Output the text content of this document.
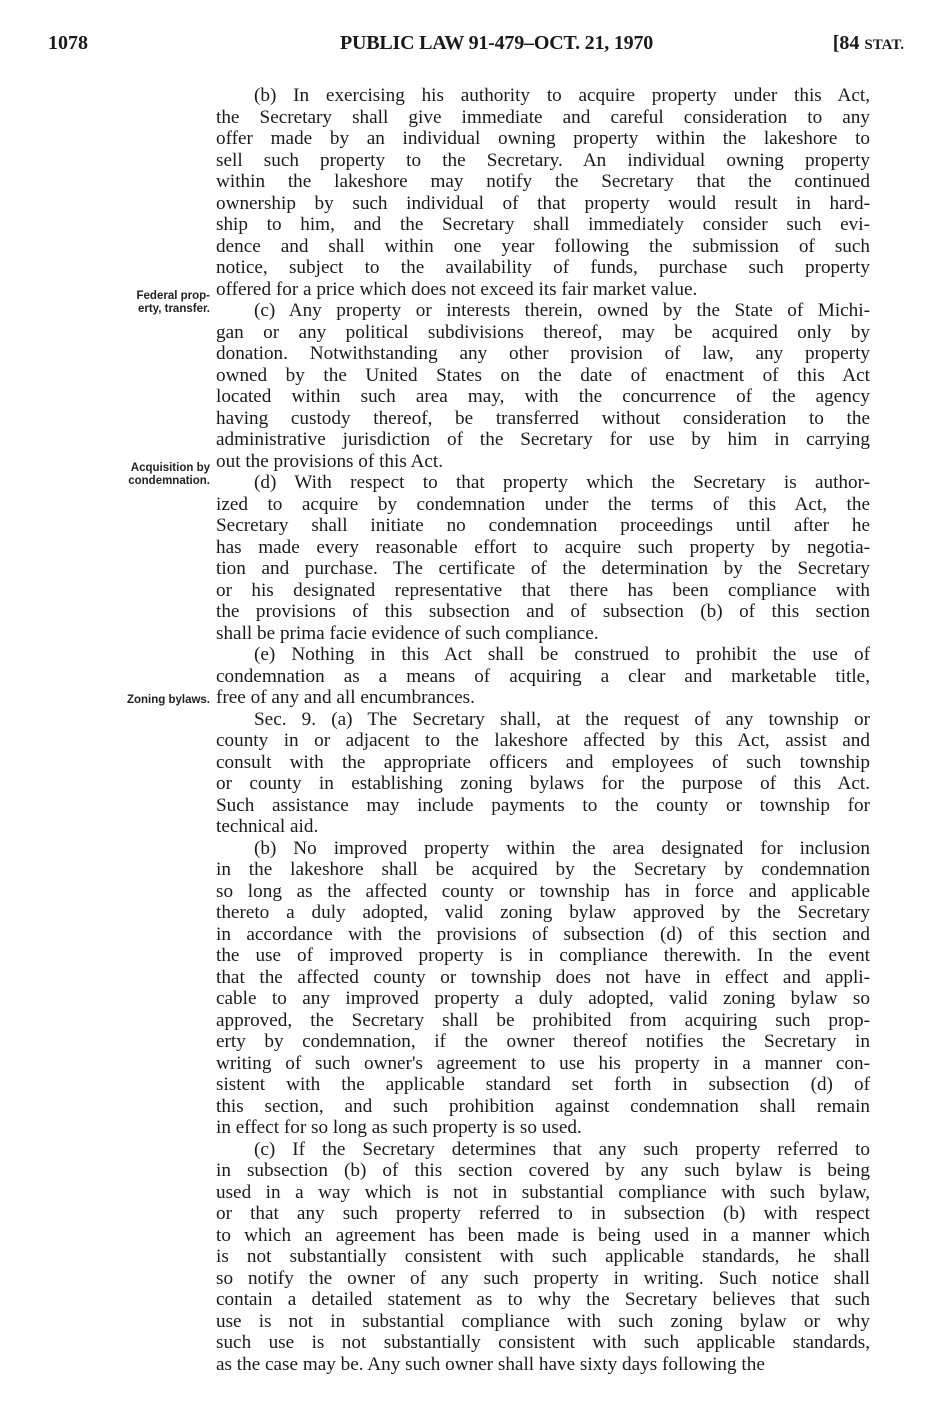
1078	PUBLIC LAW 91-479–OCT. 21, 1970	[84 STAT.
Federal prop-
erty, transfer.
Acquisition by
condemnation.
Zoning bylaws.
(b) In exercising his authority to acquire property under this Act,
the Secretary shall give immediate and careful consideration to any
offer made by an individual owning property within the lakeshore to
sell such property to the Secretary. An individual owning property
within the lakeshore may notify the Secretary that the continued
ownership by such individual of that property would result in hard-
ship to him, and the Secretary shall immediately consider such evi-
dence and shall within one year following the submission of such
notice, subject to the availability of funds, purchase such property
offered for a price which does not exceed its fair market value.
(c) Any property or interests therein, owned by the State of Michi-
gan or any political subdivisions thereof, may be acquired only by
donation. Notwithstanding any other provision of law, any property
owned by the United States on the date of enactment of this Act
located within such area may, with the concurrence of the agency
having custody thereof, be transferred without consideration to the
administrative jurisdiction of the Secretary for use by him in carrying
out the provisions of this Act.
(d) With respect to that property which the Secretary is author-
ized to acquire by condemnation under the terms of this Act, the
Secretary shall initiate no condemnation proceedings until after he
has made every reasonable effort to acquire such property by negotia-
tion and purchase. The certificate of the determination by the Secretary
or his designated representative that there has been compliance with
the provisions of this subsection and of subsection (b) of this section
shall be prima facie evidence of such compliance.
(e) Nothing in this Act shall be construed to prohibit the use of
condemnation as a means of acquiring a clear and marketable title,
free of any and all encumbrances.
Sec. 9. (a) The Secretary shall, at the request of any township or
county in or adjacent to the lakeshore affected by this Act, assist and
consult with the appropriate officers and employees of such township
or county in establishing zoning bylaws for the purpose of this Act.
Such assistance may include payments to the county or township for
technical aid.
(b) No improved property within the area designated for inclusion
in the lakeshore shall be acquired by the Secretary by condemnation
so long as the affected county or township has in force and applicable
thereto a duly adopted, valid zoning bylaw approved by the Secretary
in accordance with the provisions of subsection (d) of this section and
the use of improved property is in compliance therewith. In the event
that the affected county or township does not have in effect and appli-
cable to any improved property a duly adopted, valid zoning bylaw so
approved, the Secretary shall be prohibited from acquiring such prop-
erty by condemnation, if the owner thereof notifies the Secretary in
writing of such owner's agreement to use his property in a manner con-
sistent with the applicable standard set forth in subsection (d) of
this section, and such prohibition against condemnation shall remain
in effect for so long as such property is so used.
(c) If the Secretary determines that any such property referred to
in subsection (b) of this section covered by any such bylaw is being
used in a way which is not in substantial compliance with such bylaw,
or that any such property referred to in subsection (b) with respect
to which an agreement has been made is being used in a manner which
is not substantially consistent with such applicable standards, he shall
so notify the owner of any such property in writing. Such notice shall
contain a detailed statement as to why the Secretary believes that such
use is not in substantial compliance with such zoning bylaw or why
such use is not substantially consistent with such applicable standards,
as the case may be. Any such owner shall have sixty days following the
